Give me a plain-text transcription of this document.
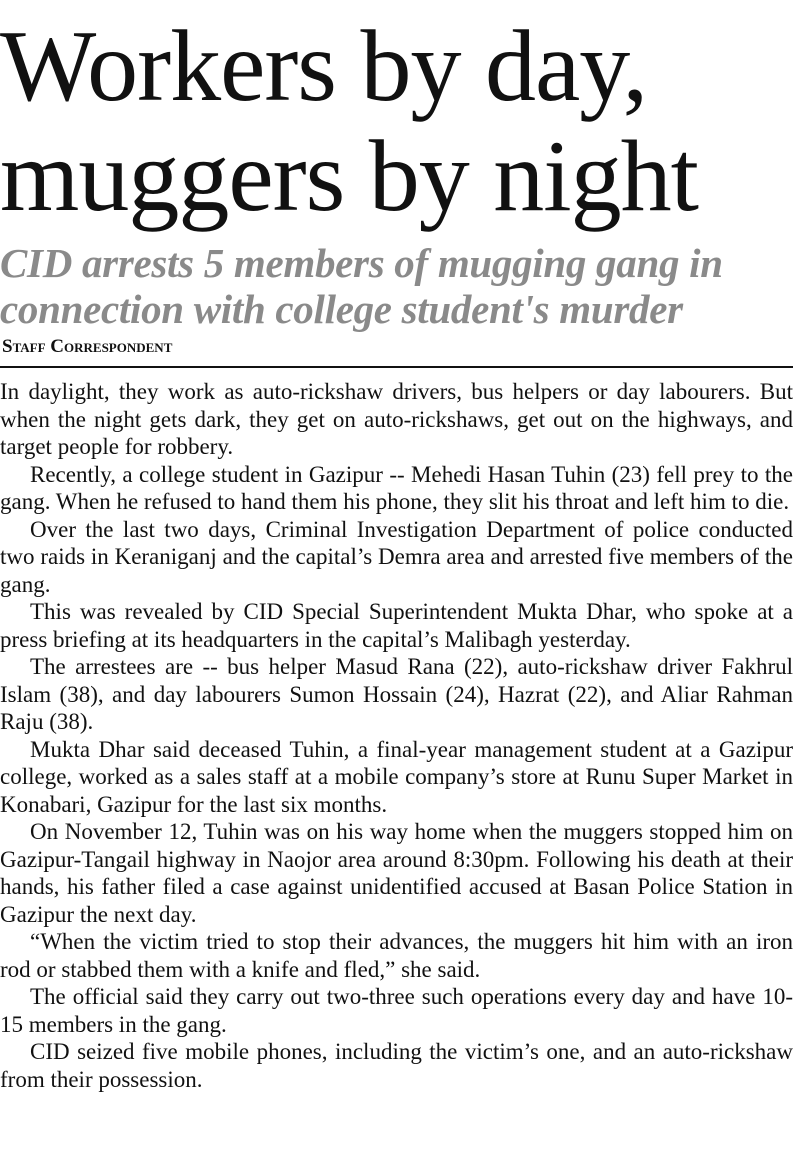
Workers by day,
muggers by night
CID arrests 5 members of mugging gang in
connection with college student's murder
Staff Correspondent

In daylight, they work as auto-rickshaw drivers, bus helpers or day labourers. But when the night gets dark, they get on auto-rickshaws, get out on the highways, and target people for robbery.

Recently, a college student in Gazipur -- Mehedi Hasan Tuhin (23) fell prey to the gang. When he refused to hand them his phone, they slit his throat and left him to die.

Over the last two days, Criminal Investigation Department of police conducted two raids in Keraniganj and the capital’s Demra area and arrested five members of the gang.

This was revealed by CID Special Superintendent Mukta Dhar, who spoke at a press briefing at its headquarters in the capital’s Malibagh yesterday.

The arrestees are -- bus helper Masud Rana (22), auto-rickshaw driver Fakhrul Islam (38), and day labourers Sumon Hossain (24), Hazrat (22), and Aliar Rahman Raju (38).

Mukta Dhar said deceased Tuhin, a final-year management student at a Gazipur college, worked as a sales staff at a mobile company’s store at Runu Super Market in Konabari, Gazipur for the last six months.

On November 12, Tuhin was on his way home when the muggers stopped him on Gazipur-Tangail highway in Naojor area around 8:30pm. Following his death at their hands, his father filed a case against unidentified accused at Basan Police Station in Gazipur the next day.

“When the victim tried to stop their advances, the muggers hit him with an iron rod or stabbed them with a knife and fled,” she said.

The official said they carry out two-three such operations every day and have 10-15 members in the gang.

CID seized five mobile phones, including the victim’s one, and an auto-rickshaw from their possession.
